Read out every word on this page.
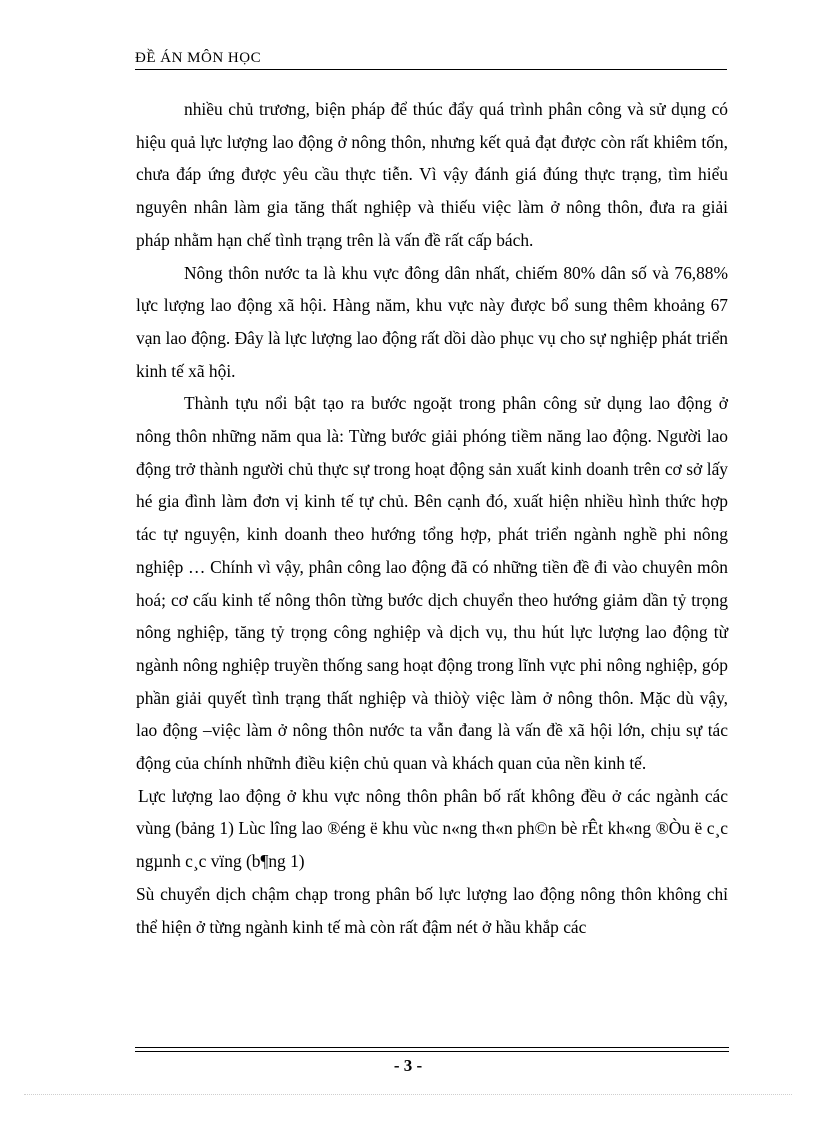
ĐỀ ÁN MÔN HỌC

nhiều chủ trương, biện pháp để thúc đẩy quá trình phân công và sử dụng có hiệu quả lực lượng lao động ở nông thôn, nhưng kết quả đạt được còn rất khiêm tốn, chưa đáp ứng được yêu cầu thực tiễn. Vì vậy đánh giá đúng thực trạng, tìm hiểu nguyên nhân làm gia tăng thất nghiệp và thiếu việc làm ở nông thôn, đưa ra giải pháp nhằm hạn chế tình trạng trên là vấn đề rất cấp bách.

Nông thôn nước ta là khu vực đông dân nhất, chiếm 80% dân số và 76,88% lực lượng lao động xã hội. Hàng năm, khu vực này được bổ sung thêm khoảng 67 vạn lao động. Đây là lực lượng lao động rất dồi dào phục vụ cho sự nghiệp phát triển kinh tế xã hội.

Thành tựu nổi bật tạo ra bước ngoặt trong phân công sử dụng lao động ở nông thôn những năm qua là: Từng bước giải phóng tiềm năng lao động. Người lao động trở thành người chủ thực sự trong hoạt động sản xuất kinh doanh trên cơ sở lấy hé gia đình làm đơn vị kinh tế tự chủ. Bên cạnh đó, xuất hiện nhiều hình thức hợp tác tự nguyện, kinh doanh theo hướng tổng hợp, phát triển ngành nghề phi nông nghiệp … Chính vì vậy, phân công lao động đã có những tiền đề đi vào chuyên môn hoá; cơ cấu kinh tế nông thôn từng bước dịch chuyển theo hướng giảm dần tỷ trọng nông nghiệp, tăng tỷ trọng công nghiệp và dịch vụ, thu hút lực lượng lao động từ ngành nông nghiệp truyền thống sang hoạt động trong lĩnh vực phi nông nghiệp, góp phần giải quyết tình trạng thất nghiệp và thiòỳ việc làm ở nông thôn. Mặc dù vậy, lao động –việc làm ở nông thôn nước ta vẫn đang là vấn đề xã hội lớn, chịu sự tác động của chính nhữnh điều kiện chủ quan và khách quan của nền kinh tế.

Lực lượng lao động ở khu vực nông thôn phân bố rất không đều ở các ngành các vùng (bảng 1) Lùc lîng lao ®éng ë khu vùc n«ng th«n ph©n bè rÊt kh«ng ®Òu ë c¸c ngµnh c¸c vïng (b¶ng 1)

Sù chuyển dịch chậm chạp trong phân bố lực lượng lao động nông thôn không chỉ thể hiện ở từng ngành kinh tế mà còn rất đậm nét ở hầu khắp các

- 3 -
